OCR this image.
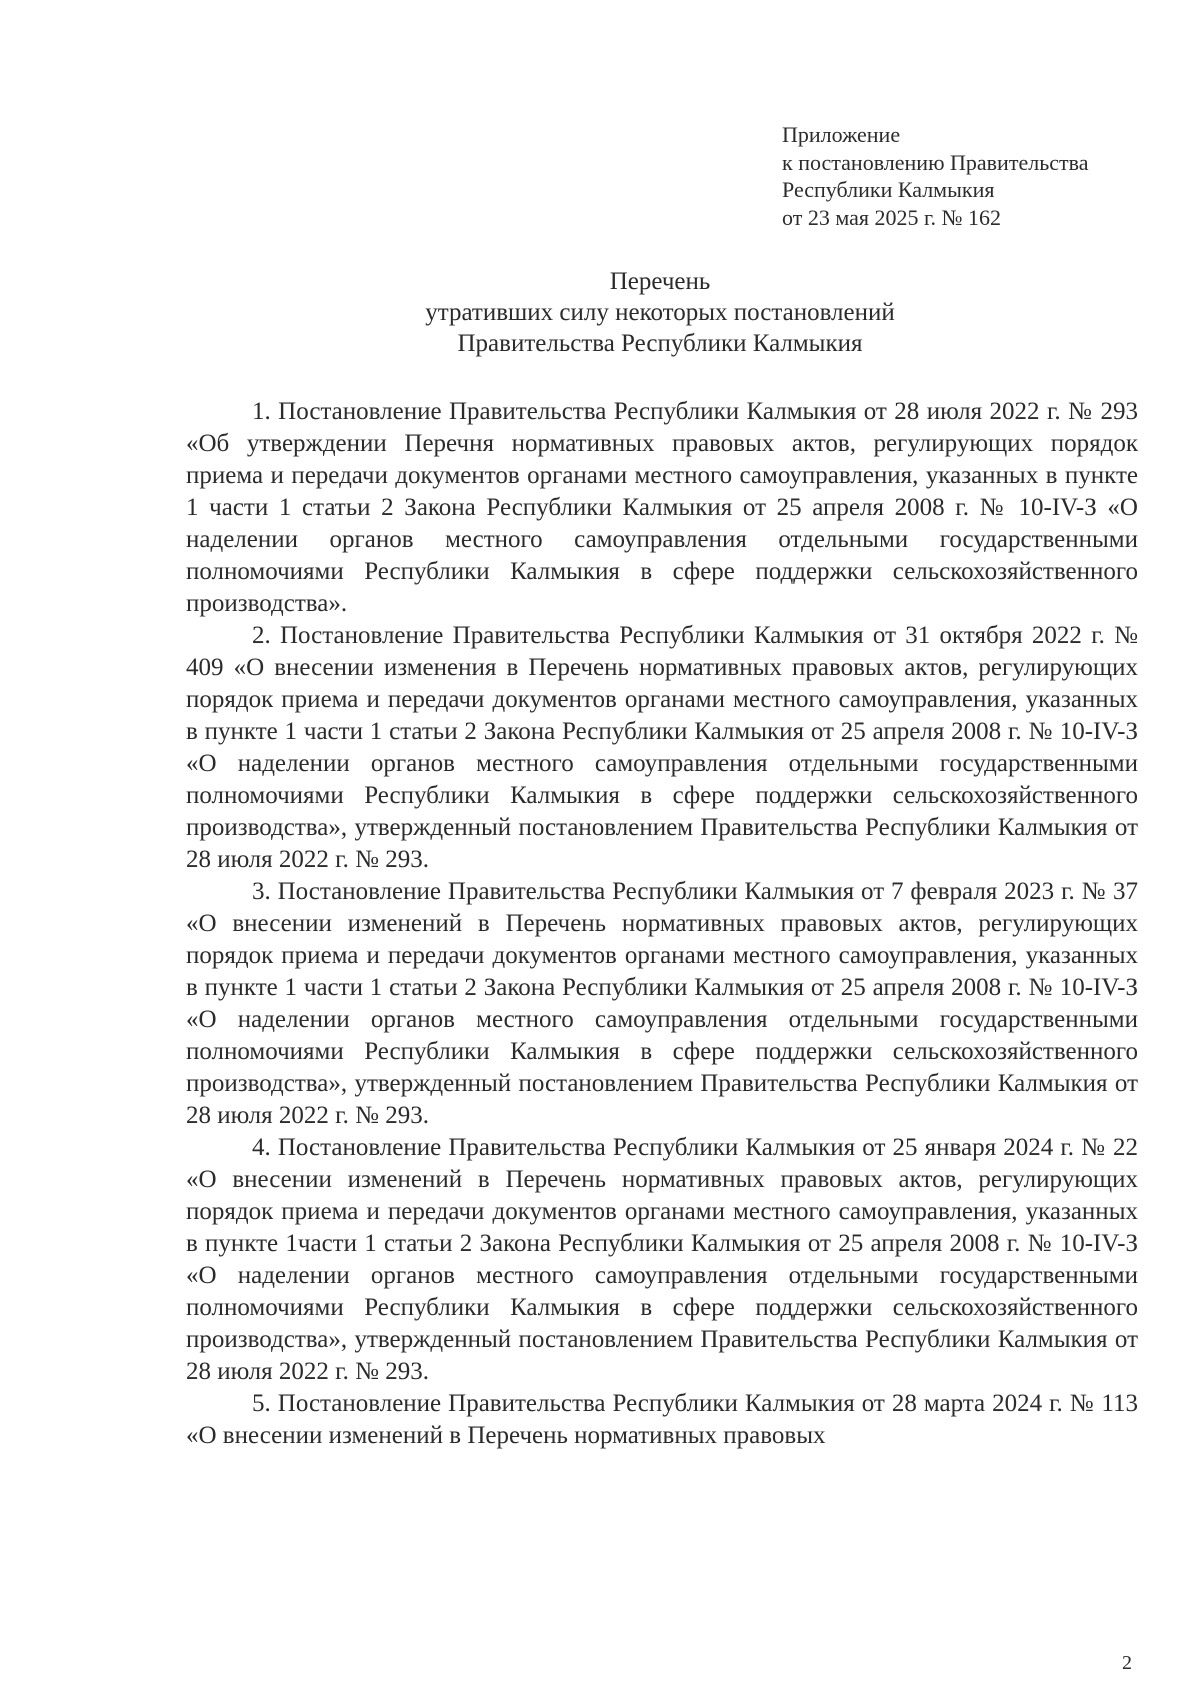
Приложение
к постановлению Правительства
Республики Калмыкия
от 23 мая 2025 г. № 162
Перечень
утративших силу некоторых постановлений
Правительства Республики Калмыкия

1. Постановление Правительства Республики Калмыкия от 28 июля 2022 г. № 293 «Об утверждении Перечня нормативных правовых актов, регулирующих порядок приема и передачи документов органами местного самоуправления, указанных в пункте 1 части 1 статьи 2 Закона Республики Калмыкия от 25 апреля 2008 г. № 10-IV-З «О наделении органов местного самоуправления отдельными государственными полномочиями Республики Калмыкия в сфере поддержки сельскохозяйственного производства».

2. Постановление Правительства Республики Калмыкия от 31 октября 2022 г. № 409 «О внесении изменения в Перечень нормативных правовых актов, регулирующих порядок приема и передачи документов органами местного самоуправления, указанных в пункте 1 части 1 статьи 2 Закона Республики Калмыкия от 25 апреля 2008 г. № 10-IV-З «О наделении органов местного самоуправления отдельными государственными полномочиями Республики Калмыкия в сфере поддержки сельскохозяйственного производства», утвержденный постановлением Правительства Республики Калмыкия от 28 июля 2022 г. № 293.

3. Постановление Правительства Республики Калмыкия от 7 февраля 2023 г. № 37 «О внесении изменений в Перечень нормативных правовых актов, регулирующих порядок приема и передачи документов органами местного самоуправления, указанных в пункте 1 части 1 статьи 2 Закона Республики Калмыкия от 25 апреля 2008 г. № 10-IV-З «О наделении органов местного самоуправления отдельными государственными полномочиями Республики Калмыкия в сфере поддержки сельскохозяйственного производства», утвержденный постановлением Правительства Республики Калмыкия от 28 июля 2022 г. № 293.

4. Постановление Правительства Республики Калмыкия от 25 января 2024 г. № 22 «О внесении изменений в Перечень нормативных правовых актов, регулирующих порядок приема и передачи документов органами местного самоуправления, указанных в пункте 1части 1 статьи 2 Закона Республики Калмыкия от 25 апреля 2008 г. № 10-IV-З «О наделении органов местного самоуправления отдельными государственными полномочиями Республики Калмыкия в сфере поддержки сельскохозяйственного производства», утвержденный постановлением Правительства Республики Калмыкия от 28 июля 2022 г. № 293.

5. Постановление Правительства Республики Калмыкия от 28 марта 2024 г. № 113 «О внесении изменений в Перечень нормативных правовых

2
